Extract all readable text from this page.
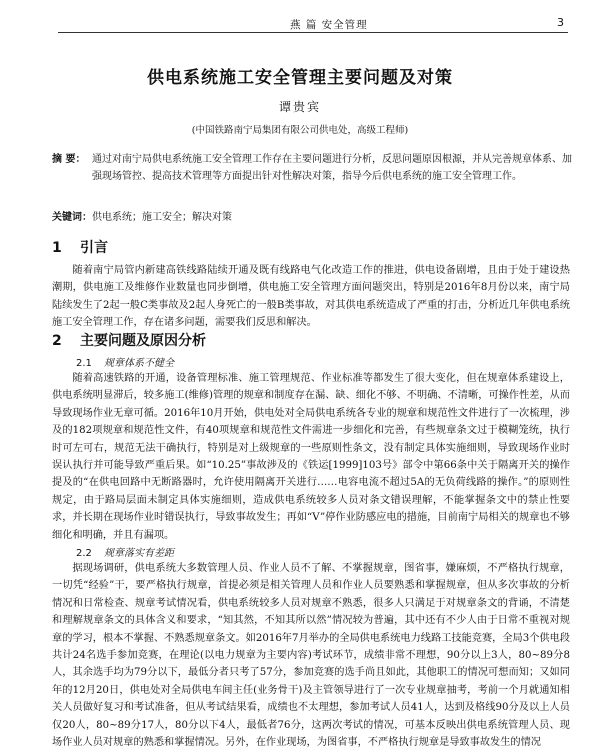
燕 篇 安全管理	3
供电系统施工安全管理主要问题及对策
谭贵宾
(中国铁路南宁局集团有限公司供电处，高级工程师)
摘 要： 通过对南宁局供电系统施工安全管理工作存在主要问题进行分析，反思问题原因根源，并从完善规章体系、加强现场管控、提高技术管理等方面提出针对性解决对策，指导今后供电系统的施工安全管理工作。
关键词：供电系统；施工安全；解决对策
1 引言
随着南宁局管内新建高铁线路陆续开通及既有线路电气化改造工作的推进，供电设备剧增，且由于处于建设热潮期，供电施工及维修作业数量也同步倒增，供电施工安全管理方面问题突出，特别是2016年8月份以来，南宁局陆续发生了2起一般C类事故及2起人身死亡的一般B类事故，对其供电系统造成了严重的打击，分析近几年供电系统施工安全管理工作，存在诸多问题，需要我们反思和解决。
2 主要问题及原因分析
2.1 规章体系不健全
随着高速铁路的开通，设备管理标准、施工管理规范、作业标准等都发生了很大变化，但在规章体系建设上，供电系统明显滞后，较多施工(维修)管理的规章和制度存在漏、缺、细化不够、不明确、不清晰，可操作性差，从而导致现场作业无章可循。2016年10月开始，供电处对全局供电系统各专业的规章和规范性文件进行了一次梳理，涉及的182项规章和规范性文件，有40项规章和规范性文件需进一步细化和完善，有些规章条文过于模糊笼统，执行时可左可右，规范无法干确执行，特别是对上级规章的一些原则性条文，没有制定具体实施细则，导致现场作业时误认执行并可能导致严重后果。如“10.25”事故涉及的《铁运[1999]103号》部令中第66条中关于隔离开关的操作提及的“在供电回路中无断路器时，允许使用隔离开关进行……电容电流不超过5A的无负荷线路的操作。”的原则性规定，由于路局层面未制定具体实施细则，造成供电系统较多人员对条文错误理解，不能掌握条文中的禁止性要求，并长期在现场作业时错误执行，导致事故发生；再如“V”停作业防感应电的措施，目前南宁局相关的规章也不够细化和明确，并且有漏项。
2.2 规章落实有差距
据现场调研，供电系统大多数管理人员、作业人员不了解、不掌握规章，图省事，嫌麻烦，不严格执行规章，一切凭“经验”干，要严格执行规章，首提必须是相关管理人员和作业人员要熟悉和掌握规章，但从多次事故的分析情况和日常检查、规章考试情况看，供电系统较多人员对规章不熟悉，很多人只满足于对规章条文的背诵，不清楚和理解规章条文的具体含义和要求，“知其然，不知其所以然”情况较为普遍，其中还有不少人由于日常不重视对规章的学习，根本不掌握、不熟悉规章条文。如2016年7月举办的全局供电系统电力线路工技能竞赛，全局3个供电段共计24名选手参加竞赛，在理论(以电力规章为主要内容)考试环节，成绩非常不理想，90分以上3人，80~89分8人，其余选手均为79分以下，最低分者只考了57分，参加竞赛的选手尚且如此，其他职工的情况可想而知；又如同年的12月20日，供电处对全局供电车间主任(业务骨干)及主管领导进行了一次专业规章抽考，考前一个月就通知相关人员做好复习和考试准备，但从考试结果看，成绩也不太理想，参加考试人员41人，达到及格线90分及以上人员仅20人，80~89分17人，80分以下4人，最低者76分，这两次考试的情况，可基本反映出供电系统管理人员、现场作业人员对规章的熟悉和掌握情况。另外，在作业现场，为图省事，不严格执行规章是导致事故发生的情况
